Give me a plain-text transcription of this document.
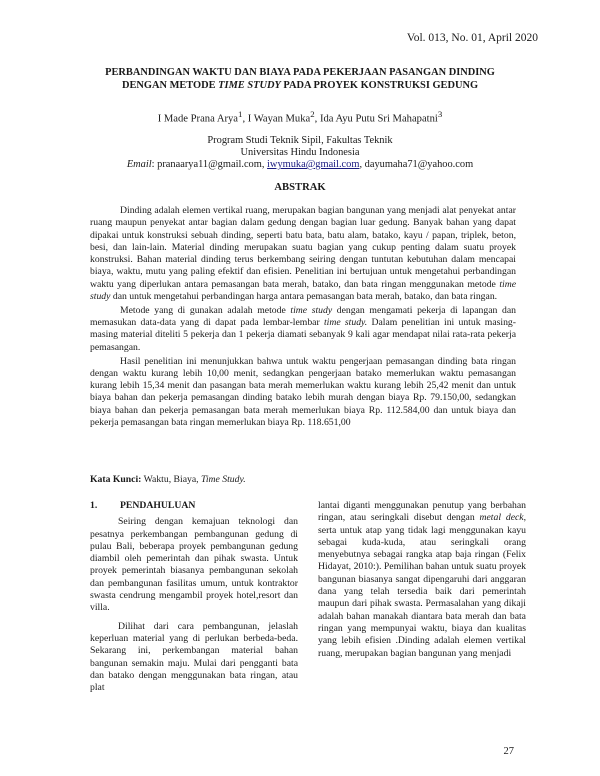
Vol. 013, No. 01, April 2020

PERBANDINGAN WAKTU DAN BIAYA PADA PEKERJAAN PASANGAN DINDING
DENGAN METODE TIME STUDY PADA PROYEK KONSTRUKSI GEDUNG

I Made Prana Arya$^1$, I Wayan Muka$^2$, Ida Ayu Putu Sri Mahapatni$^3$

Program Studi Teknik Sipil, Fakultas Teknik
Universitas Hindu Indonesia
Email: pranaarya11@gmail.com, iwymuka@gmail.com, dayumaha71@yahoo.com

ABSTRAK

Dinding adalah elemen vertikal ruang, merupakan bagian bangunan yang menjadi alat penyekat antar ruang maupun penyekat antar bagian dalam gedung dengan bagian luar gedung. Banyak bahan yang dapat dipakai untuk konstruksi sebuah dinding, seperti batu bata, batu alam, batako, kayu / papan, triplek, beton, besi, dan lain-lain. Material dinding merupakan suatu bagian yang cukup penting dalam suatu proyek konstruksi. Bahan material dinding terus berkembang seiring dengan tuntutan kebutuhan dalam mencapai biaya, waktu, mutu yang paling efektif dan efisien. Penelitian ini bertujuan untuk mengetahui perbandingan waktu yang diperlukan antara pemasangan bata merah, batako, dan bata ringan menggunakan metode time study dan untuk mengetahui perbandingan harga antara pemasangan bata merah, batako, dan bata ringan.

Metode yang di gunakan adalah metode time study dengan mengamati pekerja di lapangan dan memasukan data-data yang di dapat pada lembar-lembar time study. Dalam penelitian ini untuk masing-masing material diteliti 5 pekerja dan 1 pekerja diamati sebanyak 9 kali agar mendapat nilai rata-rata pekerja pemasangan.

Hasil penelitian ini menunjukkan bahwa untuk waktu pengerjaan pemasangan dinding bata ringan dengan waktu kurang lebih 10,00 menit, sedangkan pengerjaan batako memerlukan waktu pemasangan kurang lebih 15,34 menit dan pasangan bata merah memerlukan waktu kurang lebih 25,42 menit dan untuk biaya bahan dan pekerja pemasangan dinding batako lebih murah dengan biaya Rp. 79.150,00, sedangkan biaya bahan dan pekerja pemasangan bata merah memerlukan biaya Rp. 112.584,00 dan untuk biaya dan pekerja pemasangan bata ringan memerlukan biaya Rp. 118.651,00

Kata Kunci: Waktu, Biaya, Time Study.

1. PENDAHULUAN

Seiring dengan kemajuan teknologi dan pesatnya perkembangan pembangunan gedung di pulau Bali, beberapa proyek pembangunan gedung diambil oleh pemerintah dan pihak swasta. Untuk proyek pemerintah biasanya pembangunan sekolah dan pembangunan fasilitas umum, untuk kontraktor swasta cendrung mengambil proyek hotel,resort dan villa.

Dilihat dari cara pembangunan, jelaslah keperluan material yang di perlukan berbeda-beda. Sekarang ini, perkembangan material bahan bangunan semakin maju. Mulai dari pengganti bata dan batako dengan menggunakan bata ringan, atau plat

lantai diganti menggunakan penutup yang berbahan ringan, atau seringkali disebut dengan metal deck, serta untuk atap yang tidak lagi menggunakan kayu sebagai kuda-kuda, atau seringkali orang menyebutnya sebagai rangka atap baja ringan (Felix Hidayat, 2010:). Pemilihan bahan untuk suatu proyek bangunan biasanya sangat dipengaruhi dari anggaran dana yang telah tersedia baik dari pemerintah maupun dari pihak swasta. Permasalahan yang dikaji adalah bahan manakah diantara bata merah dan bata ringan yang mempunyai waktu, biaya dan kualitas yang lebih efisien .Dinding adalah elemen vertikal ruang, merupakan bagian bangunan yang menjadi

27
